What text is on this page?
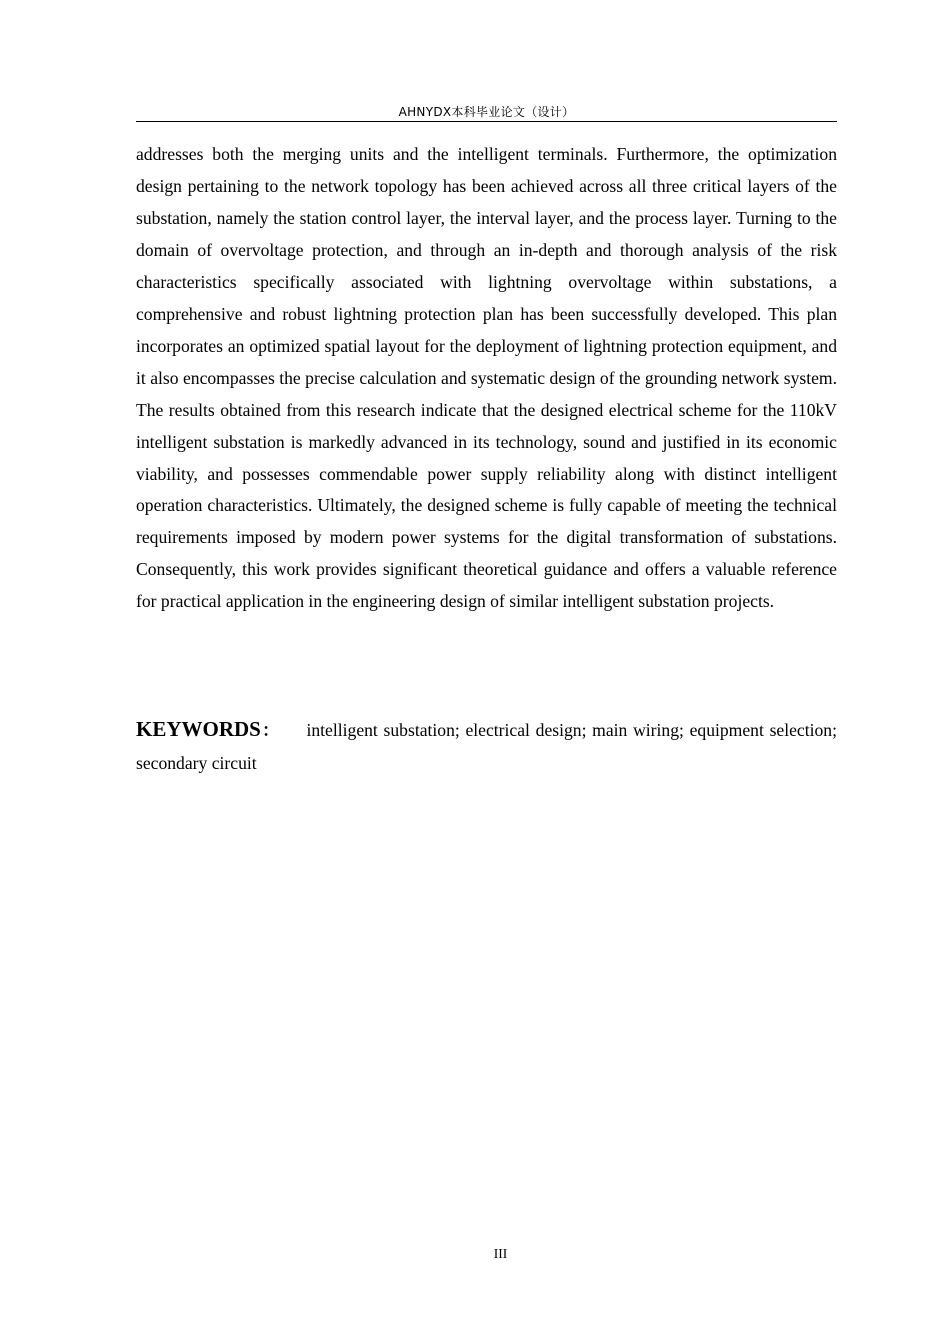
AHNYDX本科毕业论文（设计）

addresses both the merging units and the intelligent terminals. Furthermore, the optimization design pertaining to the network topology has been achieved across all three critical layers of the substation, namely the station control layer, the interval layer, and the process layer. Turning to the domain of overvoltage protection, and through an in-depth and thorough analysis of the risk characteristics specifically associated with lightning overvoltage within substations, a comprehensive and robust lightning protection plan has been successfully developed. This plan incorporates an optimized spatial layout for the deployment of lightning protection equipment, and it also encompasses the precise calculation and systematic design of the grounding network system. The results obtained from this research indicate that the designed electrical scheme for the 110kV intelligent substation is markedly advanced in its technology, sound and justified in its economic viability, and possesses commendable power supply reliability along with distinct intelligent operation characteristics. Ultimately, the designed scheme is fully capable of meeting the technical requirements imposed by modern power systems for the digital transformation of substations. Consequently, this work provides significant theoretical guidance and offers a valuable reference for practical application in the engineering design of similar intelligent substation projects.

KEYWORDS： intelligent substation; electrical design; main wiring; equipment selection; secondary circuit

III
